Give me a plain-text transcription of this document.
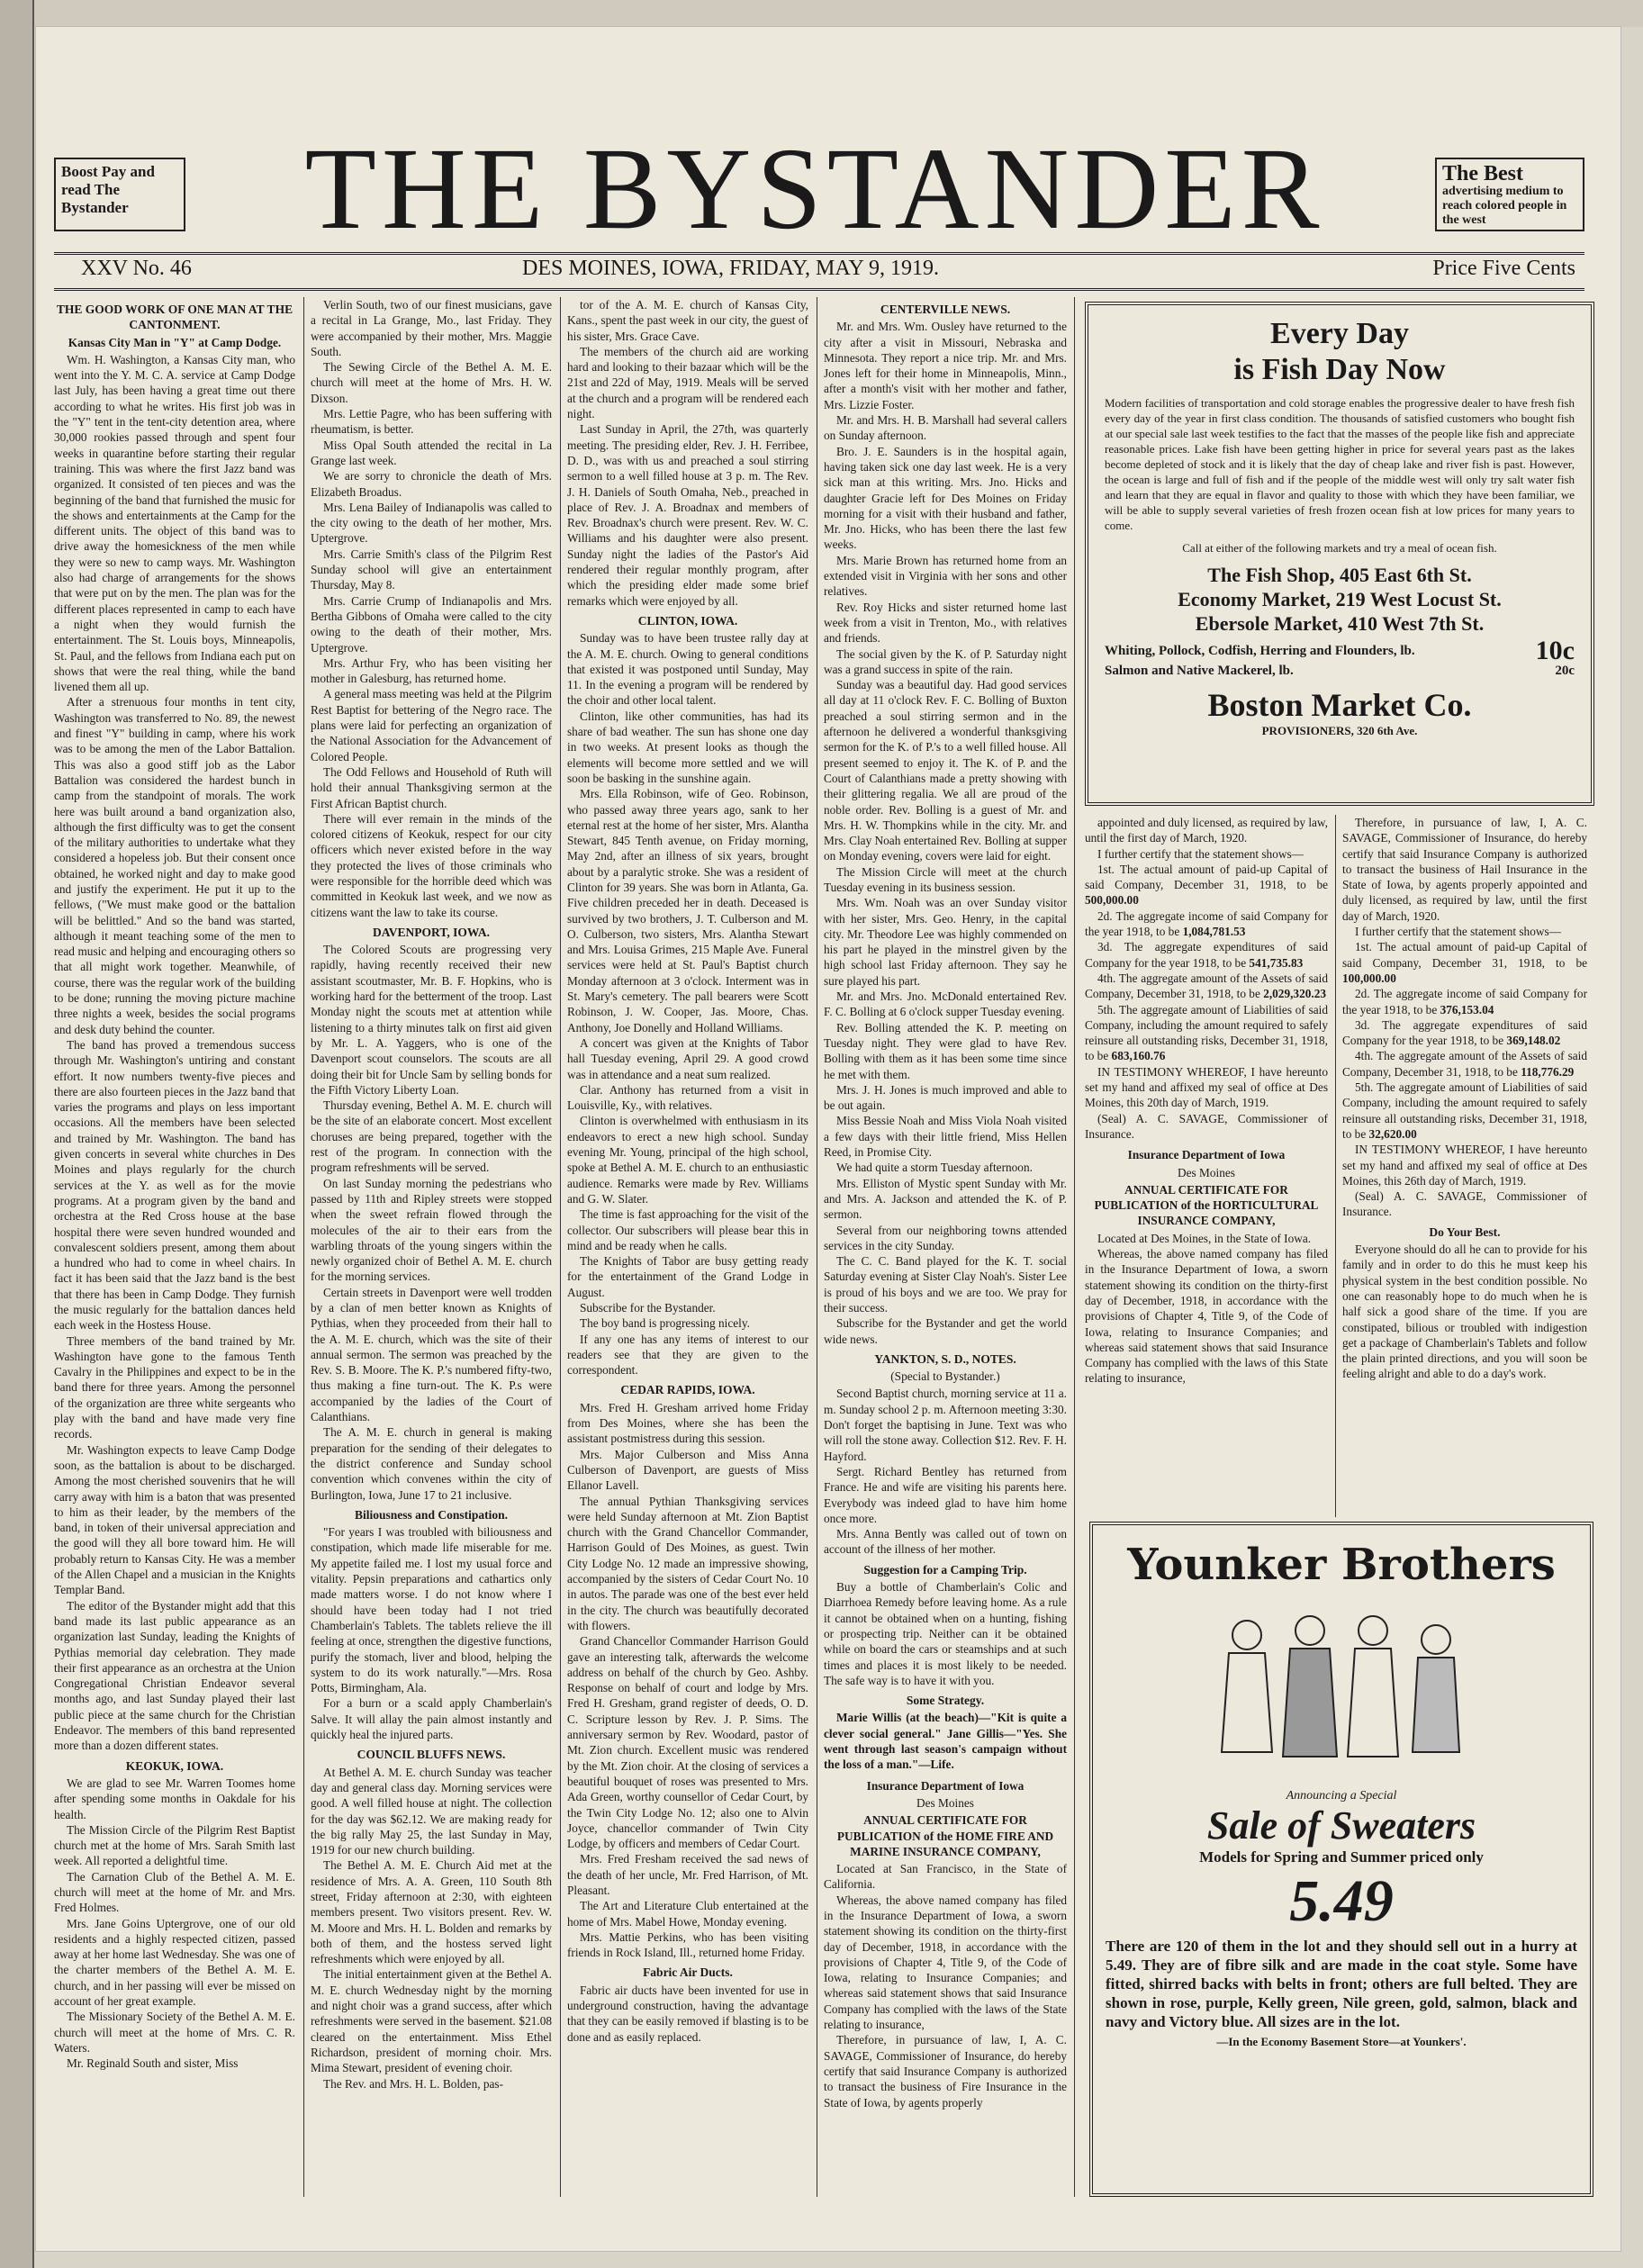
Boost Pay and read The Bystander	THE BYSTANDER	The Best
advertising medium to reach colored people in the west
XXV No. 46	DES MOINES, IOWA, FRIDAY, MAY 9, 1919.	Price Five Cents
THE GOOD WORK OF ONE MAN AT THE CANTONMENT.
Kansas City Man in "Y" at Camp Dodge.

Wm. H. Washington, a Kansas City man, who went into the Y. M. C. A. service at Camp Dodge last July, has been having a great time out there according to what he writes. His first job was in the "Y" tent in the tent-city detention area, where 30,000 rookies passed through and spent four weeks in quarantine before starting their regular training. This was where the first Jazz band was organized. It consisted of ten pieces and was the beginning of the band that furnished the music for the shows and entertainments at the Camp for the different units. The object of this band was to drive away the homesickness of the men while they were so new to camp ways. Mr. Washington also had charge of arrangements for the shows that were put on by the men. The plan was for the different places represented in camp to each have a night when they would furnish the entertainment. The St. Louis boys, Minneapolis, St. Paul, and the fellows from Indiana each put on shows that were the real thing, while the band livened them all up.

After a strenuous four months in tent city, Washington was transferred to No. 89, the newest and finest "Y" building in camp, where his work was to be among the men of the Labor Battalion. This was also a good stiff job as the Labor Battalion was considered the hardest bunch in camp from the standpoint of morals. The work here was built around a band organization also, although the first difficulty was to get the consent of the military authorities to undertake what they considered a hopeless job. But their consent once obtained, he worked night and day to make good and justify the experiment. He put it up to the fellows, ("We must make good or the battalion will be belittled." And so the band was started, although it meant teaching some of the men to read music and helping and encouraging others so that all might work together. Meanwhile, of course, there was the regular work of the building to be done; running the moving picture machine three nights a week, besides the social programs and desk duty behind the counter.

The band has proved a tremendous success through Mr. Washington's untiring and constant effort. It now numbers twenty-five pieces and there are also fourteen pieces in the Jazz band that varies the programs and plays on less important occasions. All the members have been selected and trained by Mr. Washington. The band has given concerts in several white churches in Des Moines and plays regularly for the church services at the Y. as well as for the movie programs. At a program given by the band and orchestra at the Red Cross house at the base hospital there were seven hundred wounded and convalescent soldiers present, among them about a hundred who had to come in wheel chairs. In fact it has been said that the Jazz band is the best that there has been in Camp Dodge. They furnish the music regularly for the battalion dances held each week in the Hostess House.

Three members of the band trained by Mr. Washington have gone to the famous Tenth Cavalry in the Philippines and expect to be in the band there for three years. Among the personnel of the organization are three white sergeants who play with the band and have made very fine records.

Mr. Washington expects to leave Camp Dodge soon, as the battalion is about to be discharged. Among the most cherished souvenirs that he will carry away with him is a baton that was presented to him as their leader, by the members of the band, in token of their universal appreciation and the good will they all bore toward him. He will probably return to Kansas City. He was a member of the Allen Chapel and a musician in the Knights Templar Band.

The editor of the Bystander might add that this band made its last public appearance as an organization last Sunday, leading the Knights of Pythias memorial day celebration. They made their first appearance as an orchestra at the Union Congregational Christian Endeavor several months ago, and last Sunday played their last public piece at the same church for the Christian Endeavor. The members of this band represented more than a dozen different states.

KEOKUK, IOWA.

We are glad to see Mr. Warren Toomes home after spending some months in Oakdale for his health.

The Mission Circle of the Pilgrim Rest Baptist church met at the home of Mrs. Sarah Smith last week. All reported a delightful time.

The Carnation Club of the Bethel A. M. E. church will meet at the home of Mr. and Mrs. Fred Holmes.

Mrs. Jane Goins Uptergrove, one of our old residents and a highly respected citizen, passed away at her home last Wednesday. She was one of the charter members of the Bethel A. M. E. church, and in her passing will ever be missed on account of her great example.

The Missionary Society of the Bethel A. M. E. church will meet at the home of Mrs. C. R. Waters.

Mr. Reginald South and sister, Miss

Verlin South, two of our finest musicians, gave a recital in La Grange, Mo., last Friday. They were accompanied by their mother, Mrs. Maggie South.

The Sewing Circle of the Bethel A. M. E. church will meet at the home of Mrs. H. W. Dixson.

Mrs. Lettie Pagre, who has been suffering with rheumatism, is better.

Miss Opal South attended the recital in La Grange last week.

We are sorry to chronicle the death of Mrs. Elizabeth Broadus.

Mrs. Lena Bailey of Indianapolis was called to the city owing to the death of her mother, Mrs. Uptergrove.

Mrs. Carrie Smith's class of the Pilgrim Rest Sunday school will give an entertainment Thursday, May 8.

Mrs. Carrie Crump of Indianapolis and Mrs. Bertha Gibbons of Omaha were called to the city owing to the death of their mother, Mrs. Uptergrove.

Mrs. Arthur Fry, who has been visiting her mother in Galesburg, has returned home.

A general mass meeting was held at the Pilgrim Rest Baptist for bettering of the Negro race. The plans were laid for perfecting an organization of the National Association for the Advancement of Colored People.

The Odd Fellows and Household of Ruth will hold their annual Thanksgiving sermon at the First African Baptist church.

There will ever remain in the minds of the colored citizens of Keokuk, respect for our city officers which never existed before in the way they protected the lives of those criminals who were responsible for the horrible deed which was committed in Keokuk last week, and we now as citizens want the law to take its course.

DAVENPORT, IOWA.

The Colored Scouts are progressing very rapidly, having recently received their new assistant scoutmaster, Mr. B. F. Hopkins, who is working hard for the betterment of the troop. Last Monday night the scouts met at attention while listening to a thirty minutes talk on first aid given by Mr. L. A. Yaggers, who is one of the Davenport scout counselors. The scouts are all doing their bit for Uncle Sam by selling bonds for the Fifth Victory Liberty Loan.

Thursday evening, Bethel A. M. E. church will be the site of an elaborate concert. Most excellent choruses are being prepared, together with the rest of the program. In connection with the program refreshments will be served.

On last Sunday morning the pedestrians who passed by 11th and Ripley streets were stopped when the sweet refrain flowed through the molecules of the air to their ears from the warbling throats of the young singers within the newly organized choir of Bethel A. M. E. church for the morning services.

Certain streets in Davenport were well trodden by a clan of men better known as Knights of Pythias, when they proceeded from their hall to the A. M. E. church, which was the site of their annual sermon. The sermon was preached by the Rev. S. B. Moore. The K. P.'s numbered fifty-two, thus making a fine turn-out. The K. P.s were accompanied by the ladies of the Court of Calanthians.

The A. M. E. church in general is making preparation for the sending of their delegates to the district conference and Sunday school convention which convenes within the city of Burlington, Iowa, June 17 to 21 inclusive.

Biliousness and Constipation.

"For years I was troubled with biliousness and constipation, which made life miserable for me. My appetite failed me. I lost my usual force and vitality. Pepsin preparations and cathartics only made matters worse. I do not know where I should have been today had I not tried Chamberlain's Tablets. The tablets relieve the ill feeling at once, strengthen the digestive functions, purify the stomach, liver and blood, helping the system to do its work naturally."—Mrs. Rosa Potts, Birmingham, Ala.

For a burn or a scald apply Chamberlain's Salve. It will allay the pain almost instantly and quickly heal the injured parts.

COUNCIL BLUFFS NEWS.

At Bethel A. M. E. church Sunday was teacher day and general class day. Morning services were good. A well filled house at night. The collection for the day was $62.12. We are making ready for the big rally May 25, the last Sunday in May, 1919 for our new church building.

The Bethel A. M. E. Church Aid met at the residence of Mrs. A. A. Green, 110 South 8th street, Friday afternoon at 2:30, with eighteen members present. Two visitors present. Rev. W. M. Moore and Mrs. H. L. Bolden and remarks by both of them, and the hostess served light refreshments which were enjoyed by all.

The initial entertainment given at the Bethel A. M. E. church Wednesday night by the morning and night choir was a grand success, after which refreshments were served in the basement. $21.08 cleared on the entertainment. Miss Ethel Richardson, president of morning choir. Mrs. Mima Stewart, president of evening choir.

The Rev. and Mrs. H. L. Bolden, pas-

tor of the A. M. E. church of Kansas City, Kans., spent the past week in our city, the guest of his sister, Mrs. Grace Cave.

The members of the church aid are working hard and looking to their bazaar which will be the 21st and 22d of May, 1919. Meals will be served at the church and a program will be rendered each night.

Last Sunday in April, the 27th, was quarterly meeting. The presiding elder, Rev. J. H. Ferribee, D. D., was with us and preached a soul stirring sermon to a well filled house at 3 p. m. The Rev. J. H. Daniels of South Omaha, Neb., preached in place of Rev. J. A. Broadnax and members of Rev. Broadnax's church were present. Rev. W. C. Williams and his daughter were also present. Sunday night the ladies of the Pastor's Aid rendered their regular monthly program, after which the presiding elder made some brief remarks which were enjoyed by all.

CLINTON, IOWA.

Sunday was to have been trustee rally day at the A. M. E. church. Owing to general conditions that existed it was postponed until Sunday, May 11. In the evening a program will be rendered by the choir and other local talent.

Clinton, like other communities, has had its share of bad weather. The sun has shone one day in two weeks. At present looks as though the elements will become more settled and we will soon be basking in the sunshine again.

Mrs. Ella Robinson, wife of Geo. Robinson, who passed away three years ago, sank to her eternal rest at the home of her sister, Mrs. Alantha Stewart, 845 Tenth avenue, on Friday morning, May 2nd, after an illness of six years, brought about by a paralytic stroke. She was a resident of Clinton for 39 years. She was born in Atlanta, Ga. Five children preceded her in death. Deceased is survived by two brothers, J. T. Culberson and M. O. Culberson, two sisters, Mrs. Alantha Stewart and Mrs. Louisa Grimes, 215 Maple Ave. Funeral services were held at St. Paul's Baptist church Monday afternoon at 3 o'clock. Interment was in St. Mary's cemetery. The pall bearers were Scott Robinson, J. W. Cooper, Jas. Moore, Chas. Anthony, Joe Donelly and Holland Williams.

A concert was given at the Knights of Tabor hall Tuesday evening, April 29. A good crowd was in attendance and a neat sum realized.

Clar. Anthony has returned from a visit in Louisville, Ky., with relatives.

Clinton is overwhelmed with enthusiasm in its endeavors to erect a new high school. Sunday evening Mr. Young, principal of the high school, spoke at Bethel A. M. E. church to an enthusiastic audience. Remarks were made by Rev. Williams and G. W. Slater.

The time is fast approaching for the visit of the collector. Our subscribers will please bear this in mind and be ready when he calls.

The Knights of Tabor are busy getting ready for the entertainment of the Grand Lodge in August.

Subscribe for the Bystander.

The boy band is progressing nicely.

If any one has any items of interest to our readers see that they are given to the correspondent.

CEDAR RAPIDS, IOWA.

Mrs. Fred H. Gresham arrived home Friday from Des Moines, where she has been the assistant postmistress during this session.

Mrs. Major Culberson and Miss Anna Culberson of Davenport, are guests of Miss Ellanor Lavell.

The annual Pythian Thanksgiving services were held Sunday afternoon at Mt. Zion Baptist church with the Grand Chancellor Commander, Harrison Gould of Des Moines, as guest. Twin City Lodge No. 12 made an impressive showing, accompanied by the sisters of Cedar Court No. 10 in autos. The parade was one of the best ever held in the city. The church was beautifully decorated with flowers.

Grand Chancellor Commander Harrison Gould gave an interesting talk, afterwards the welcome address on behalf of the church by Geo. Ashby. Response on behalf of court and lodge by Mrs. Fred H. Gresham, grand register of deeds, O. D. C. Scripture lesson by Rev. J. P. Sims. The anniversary sermon by Rev. Woodard, pastor of Mt. Zion church. Excellent music was rendered by the Mt. Zion choir. At the closing of services a beautiful bouquet of roses was presented to Mrs. Ada Green, worthy counsellor of Cedar Court, by the Twin City Lodge No. 12; also one to Alvin Joyce, chancellor commander of Twin City Lodge, by officers and members of Cedar Court.

Mrs. Fred Fresham received the sad news of the death of her uncle, Mr. Fred Harrison, of Mt. Pleasant.

The Art and Literature Club entertained at the home of Mrs. Mabel Howe, Monday evening.

Mrs. Mattie Perkins, who has been visiting friends in Rock Island, Ill., returned home Friday.

Fabric Air Ducts.

Fabric air ducts have been invented for use in underground construction, having the advantage that they can be easily removed if blasting is to be done and as easily replaced.

CENTERVILLE NEWS.

Mr. and Mrs. Wm. Ousley have returned to the city after a visit in Missouri, Nebraska and Minnesota. They report a nice trip. Mr. and Mrs. Jones left for their home in Minneapolis, Minn., after a month's visit with her mother and father, Mrs. Lizzie Foster.

Mr. and Mrs. H. B. Marshall had several callers on Sunday afternoon.

Bro. J. E. Saunders is in the hospital again, having taken sick one day last week. He is a very sick man at this writing. Mrs. Jno. Hicks and daughter Gracie left for Des Moines on Friday morning for a visit with their husband and father, Mr. Jno. Hicks, who has been there the last few weeks.

Mrs. Marie Brown has returned home from an extended visit in Virginia with her sons and other relatives.

Rev. Roy Hicks and sister returned home last week from a visit in Trenton, Mo., with relatives and friends.

The social given by the K. of P. Saturday night was a grand success in spite of the rain.

Sunday was a beautiful day. Had good services all day at 11 o'clock Rev. F. C. Bolling of Buxton preached a soul stirring sermon and in the afternoon he delivered a wonderful thanksgiving sermon for the K. of P.'s to a well filled house. All present seemed to enjoy it. The K. of P. and the Court of Calanthians made a pretty showing with their glittering regalia. We all are proud of the noble order. Rev. Bolling is a guest of Mr. and Mrs. H. W. Thompkins while in the city. Mr. and Mrs. Clay Noah entertained Rev. Bolling at supper on Monday evening, covers were laid for eight.

The Mission Circle will meet at the church Tuesday evening in its business session.

Mrs. Wm. Noah was an over Sunday visitor with her sister, Mrs. Geo. Henry, in the capital city. Mr. Theodore Lee was highly commended on his part he played in the minstrel given by the high school last Friday afternoon. They say he sure played his part.

Mr. and Mrs. Jno. McDonald entertained Rev. F. C. Bolling at 6 o'clock supper Tuesday evening.

Rev. Bolling attended the K. P. meeting on Tuesday night. They were glad to have Rev. Bolling with them as it has been some time since he met with them.

Mrs. J. H. Jones is much improved and able to be out again.

Miss Bessie Noah and Miss Viola Noah visited a few days with their little friend, Miss Hellen Reed, in Promise City.

We had quite a storm Tuesday afternoon.

Mrs. Elliston of Mystic spent Sunday with Mr. and Mrs. A. Jackson and attended the K. of P. sermon.

Several from our neighboring towns attended services in the city Sunday.

The C. C. Band played for the K. T. social Saturday evening at Sister Clay Noah's. Sister Lee is proud of his boys and we are too. We pray for their success.

Subscribe for the Bystander and get the world wide news.

YANKTON, S. D., NOTES.
(Special to Bystander.)

Second Baptist church, morning service at 11 a. m. Sunday school 2 p. m. Afternoon meeting 3:30. Don't forget the baptising in June. Text was who will roll the stone away. Collection $12. Rev. F. H. Hayford.

Sergt. Richard Bentley has returned from France. He and wife are visiting his parents here. Everybody was indeed glad to have him home once more.

Mrs. Anna Bently was called out of town on account of the illness of her mother.

Suggestion for a Camping Trip.

Buy a bottle of Chamberlain's Colic and Diarrhoea Remedy before leaving home. As a rule it cannot be obtained when on a hunting, fishing or prospecting trip. Neither can it be obtained while on board the cars or steamships and at such times and places it is most likely to be needed. The safe way is to have it with you.

Some Strategy.

Marie Willis (at the beach)—"Kit is quite a clever social general." Jane Gillis—"Yes. She went through last season's campaign without the loss of a man."—Life.

Insurance Department of Iowa
Des Moines
ANNUAL CERTIFICATE FOR PUBLICATION of the HOME FIRE AND MARINE INSURANCE COMPANY,

Located at San Francisco, in the State of California.

Whereas, the above named company has filed in the Insurance Department of Iowa, a sworn statement showing its condition on the thirty-first day of December, 1918, in accordance with the provisions of Chapter 4, Title 9, of the Code of Iowa, relating to Insurance Companies; and whereas said statement shows that said Insurance Company has complied with the laws of the State relating to insurance,

Therefore, in pursuance of law, I, A. C. SAVAGE, Commissioner of Insurance, do hereby certify that said Insurance Company is authorized to transact the business of Fire Insurance in the State of Iowa, by agents properly

Every Day
is Fish Day Now
Modern facilities of transportation and cold storage enables the progressive dealer to have fresh fish every day of the year in first class condition. The thousands of satisfied customers who bought fish at our special sale last week testifies to the fact that the masses of the people like fish and appreciate reasonable prices. Lake fish have been getting higher in price for several years past as the lakes become depleted of stock and it is likely that the day of cheap lake and river fish is past. However, the ocean is large and full of fish and if the people of the middle west will only try salt water fish and learn that they are equal in flavor and quality to those with which they have been familiar, we will be able to supply several varieties of fresh frozen ocean fish at low prices for many years to come.
Call at either of the following markets and try a meal of ocean fish.
The Fish Shop, 405 East 6th St.
Economy Market, 219 West Locust St.
Ebersole Market, 410 West 7th St.
Whiting, Pollock, Codfish, Herring and Flounders, lb.	10c
Salmon and Native Mackerel, lb.	20c
Boston Market Co.
PROVISIONERS, 320 6th Ave.

appointed and duly licensed, as required by law, until the first day of March, 1920.

I further certify that the statement shows—

1st. The actual amount of paid-up Capital of said Company, December 31, 1918, to be 500,000.00

2d. The aggregate income of said Company for the year 1918, to be 1,084,781.53

3d. The aggregate expenditures of said Company for the year 1918, to be 541,735.83

4th. The aggregate amount of the Assets of said Company, December 31, 1918, to be 2,029,320.23

5th. The aggregate amount of Liabilities of said Company, including the amount required to safely reinsure all outstanding risks, December 31, 1918, to be 683,160.76

IN TESTIMONY WHEREOF, I have hereunto set my hand and affixed my seal of office at Des Moines, this 20th day of March, 1919.

(Seal) A. C. SAVAGE, Commissioner of Insurance.

Insurance Department of Iowa
Des Moines
ANNUAL CERTIFICATE FOR PUBLICATION of the HORTICULTURAL INSURANCE COMPANY,

Located at Des Moines, in the State of Iowa.

Whereas, the above named company has filed in the Insurance Department of Iowa, a sworn statement showing its condition on the thirty-first day of December, 1918, in accordance with the provisions of Chapter 4, Title 9, of the Code of Iowa, relating to Insurance Companies; and whereas said statement shows that said Insurance Company has complied with the laws of this State relating to insurance,

Therefore, in pursuance of law, I, A. C. SAVAGE, Commissioner of Insurance, do hereby certify that said Insurance Company is authorized to transact the business of Hail Insurance in the State of Iowa, by agents properly appointed and duly licensed, as required by law, until the first day of March, 1920.

I further certify that the statement shows—

1st. The actual amount of paid-up Capital of said Company, December 31, 1918, to be 100,000.00

2d. The aggregate income of said Company for the year 1918, to be 376,153.04

3d. The aggregate expenditures of said Company for the year 1918, to be 369,148.02

4th. The aggregate amount of the Assets of said Company, December 31, 1918, to be 118,776.29

5th. The aggregate amount of Liabilities of said Company, including the amount required to safely reinsure all outstanding risks, December 31, 1918, to be 32,620.00

IN TESTIMONY WHEREOF, I have hereunto set my hand and affixed my seal of office at Des Moines, this 26th day of March, 1919.

(Seal) A. C. SAVAGE, Commissioner of Insurance.

Do Your Best.

Everyone should do all he can to provide for his family and in order to do this he must keep his physical system in the best condition possible. No one can reasonably hope to do much when he is half sick a good share of the time. If you are constipated, bilious or troubled with indigestion get a package of Chamberlain's Tablets and follow the plain printed directions, and you will soon be feeling alright and able to do a day's work.

Younker Brothers
Announcing a Special
Sale of Sweaters
Models for Spring and Summer priced only
5.49
There are 120 of them in the lot and they should sell out in a hurry at 5.49. They are of fibre silk and are made in the coat style. Some have fitted, shirred backs with belts in front; others are full belted. They are shown in rose, purple, Kelly green, Nile green, gold, salmon, black and navy and Victory blue. All sizes are in the lot.
—In the Economy Basement Store—at Younkers'.
